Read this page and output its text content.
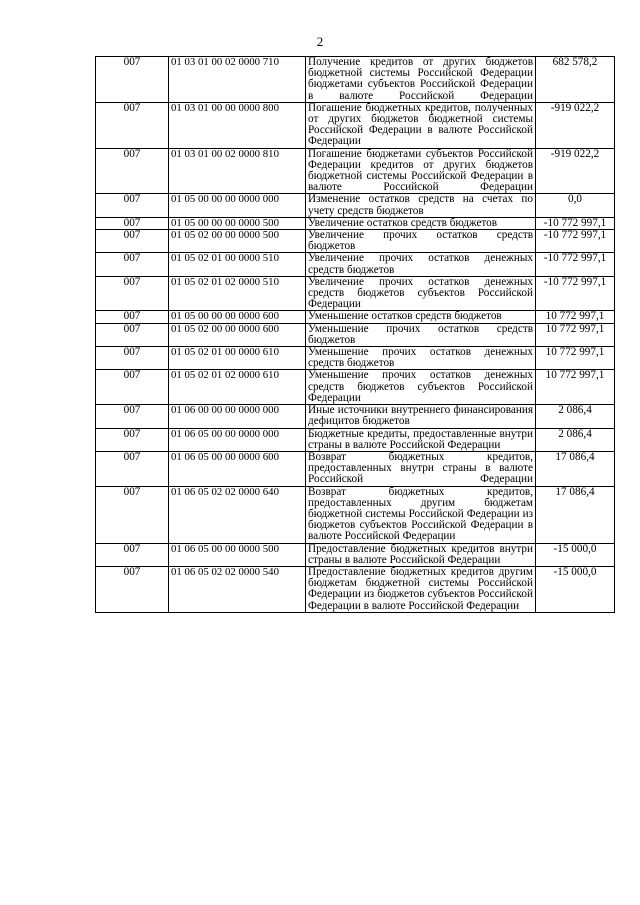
2
007	01 03 01 00 02 0000 710	Получение кредитов от других бюджетов бюджетной системы Российской Федерации бюджетами субъектов Российской Федерации в валюте Российской Федерации	682 578,2
007	01 03 01 00 00 0000 800	Погашение бюджетных кредитов, полученных от других бюджетов бюджетной системы Российской Федерации в валюте Российской Федерации	-919 022,2
007	01 03 01 00 02 0000 810	Погашение бюджетами субъектов Российской Федерации кредитов от других бюджетов бюджетной системы Российской Федерации в валюте Российской Федерации	-919 022,2
007	01 05 00 00 00 0000 000	Изменение остатков средств на счетах по учету средств бюджетов	0,0
007	01 05 00 00 00 0000 500	Увеличение остатков средств бюджетов	-10 772 997,1
007	01 05 02 00 00 0000 500	Увеличение прочих остатков средств бюджетов	-10 772 997,1
007	01 05 02 01 00 0000 510	Увеличение прочих остатков денежных средств бюджетов	-10 772 997,1
007	01 05 02 01 02 0000 510	Увеличение прочих остатков денежных средств бюджетов субъектов Российской Федерации	-10 772 997,1
007	01 05 00 00 00 0000 600	Уменьшение остатков средств бюджетов	10 772 997,1
007	01 05 02 00 00 0000 600	Уменьшение прочих остатков средств бюджетов	10 772 997,1
007	01 05 02 01 00 0000 610	Уменьшение прочих остатков денежных средств бюджетов	10 772 997,1
007	01 05 02 01 02 0000 610	Уменьшение прочих остатков денежных средств бюджетов субъектов Российской Федерации	10 772 997,1
007	01 06 00 00 00 0000 000	Иные источники внутреннего финансирования дефицитов бюджетов	2 086,4
007	01 06 05 00 00 0000 000	Бюджетные кредиты, предоставленные внутри страны в валюте Российской Федерации	2 086,4
007	01 06 05 00 00 0000 600	Возврат бюджетных кредитов, предоставленных внутри страны в валюте Российской Федерации	17 086,4
007	01 06 05 02 02 0000 640	Возврат бюджетных кредитов, предоставленных другим бюджетам бюджетной системы Российской Федерации из бюджетов субъектов Российской Федерации в валюте Российской Федерации	17 086,4
007	01 06 05 00 00 0000 500	Предоставление бюджетных кредитов внутри страны в валюте Российской Федерации	-15 000,0
007	01 06 05 02 02 0000 540	Предоставление бюджетных кредитов другим бюджетам бюджетной системы Российской Федерации из бюджетов субъектов Российской Федерации в валюте Российской Федерации	-15 000,0
